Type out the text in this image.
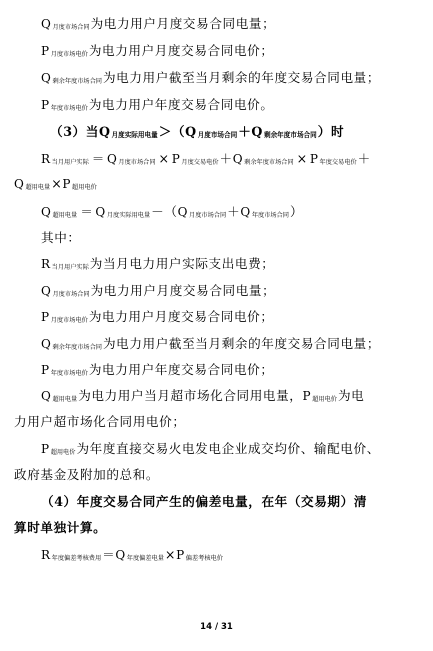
Q月度市场合同为电力用户月度交易合同电量；
P月度市场电价为电力用户月度交易合同电价；
Q剩余年度市场合同为电力用户截至当月剩余的年度交易合同电量；
P年度市场电价为电力用户年度交易合同电价。
（3）当Q月度实际用电量＞（Q月度市场合同＋Q剩余年度市场合同）时
R当月用户实际 ＝ Q月度市场合同 × P月度交易电价＋Q剩余年度市场合同 × P年度交易电价＋
Q超用电量×P超用电价
Q超用电量 ＝ Q月度实际用电量－（Q月度市场合同＋Q年度市场合同）
其中：
R当月用户实际为当月电力用户实际支出电费；
Q月度市场合同为电力用户月度交易合同电量；
P月度市场电价为电力用户月度交易合同电价；
Q剩余年度市场合同为电力用户截至当月剩余的年度交易合同电量；
P年度市场电价为电力用户年度交易合同电价；
Q超用电量为电力用户当月超市场化合同用电量，P超用电价为电
力用户超市场化合同用电价；
P超用电价为年度直接交易火电发电企业成交均价、输配电价、
政府基金及附加的总和。
（4）年度交易合同产生的偏差电量，在年（交易期）清
算时单独计算。
R年度偏差考核费用＝Q年度偏差电量×P偏差考核电价
14 / 31
